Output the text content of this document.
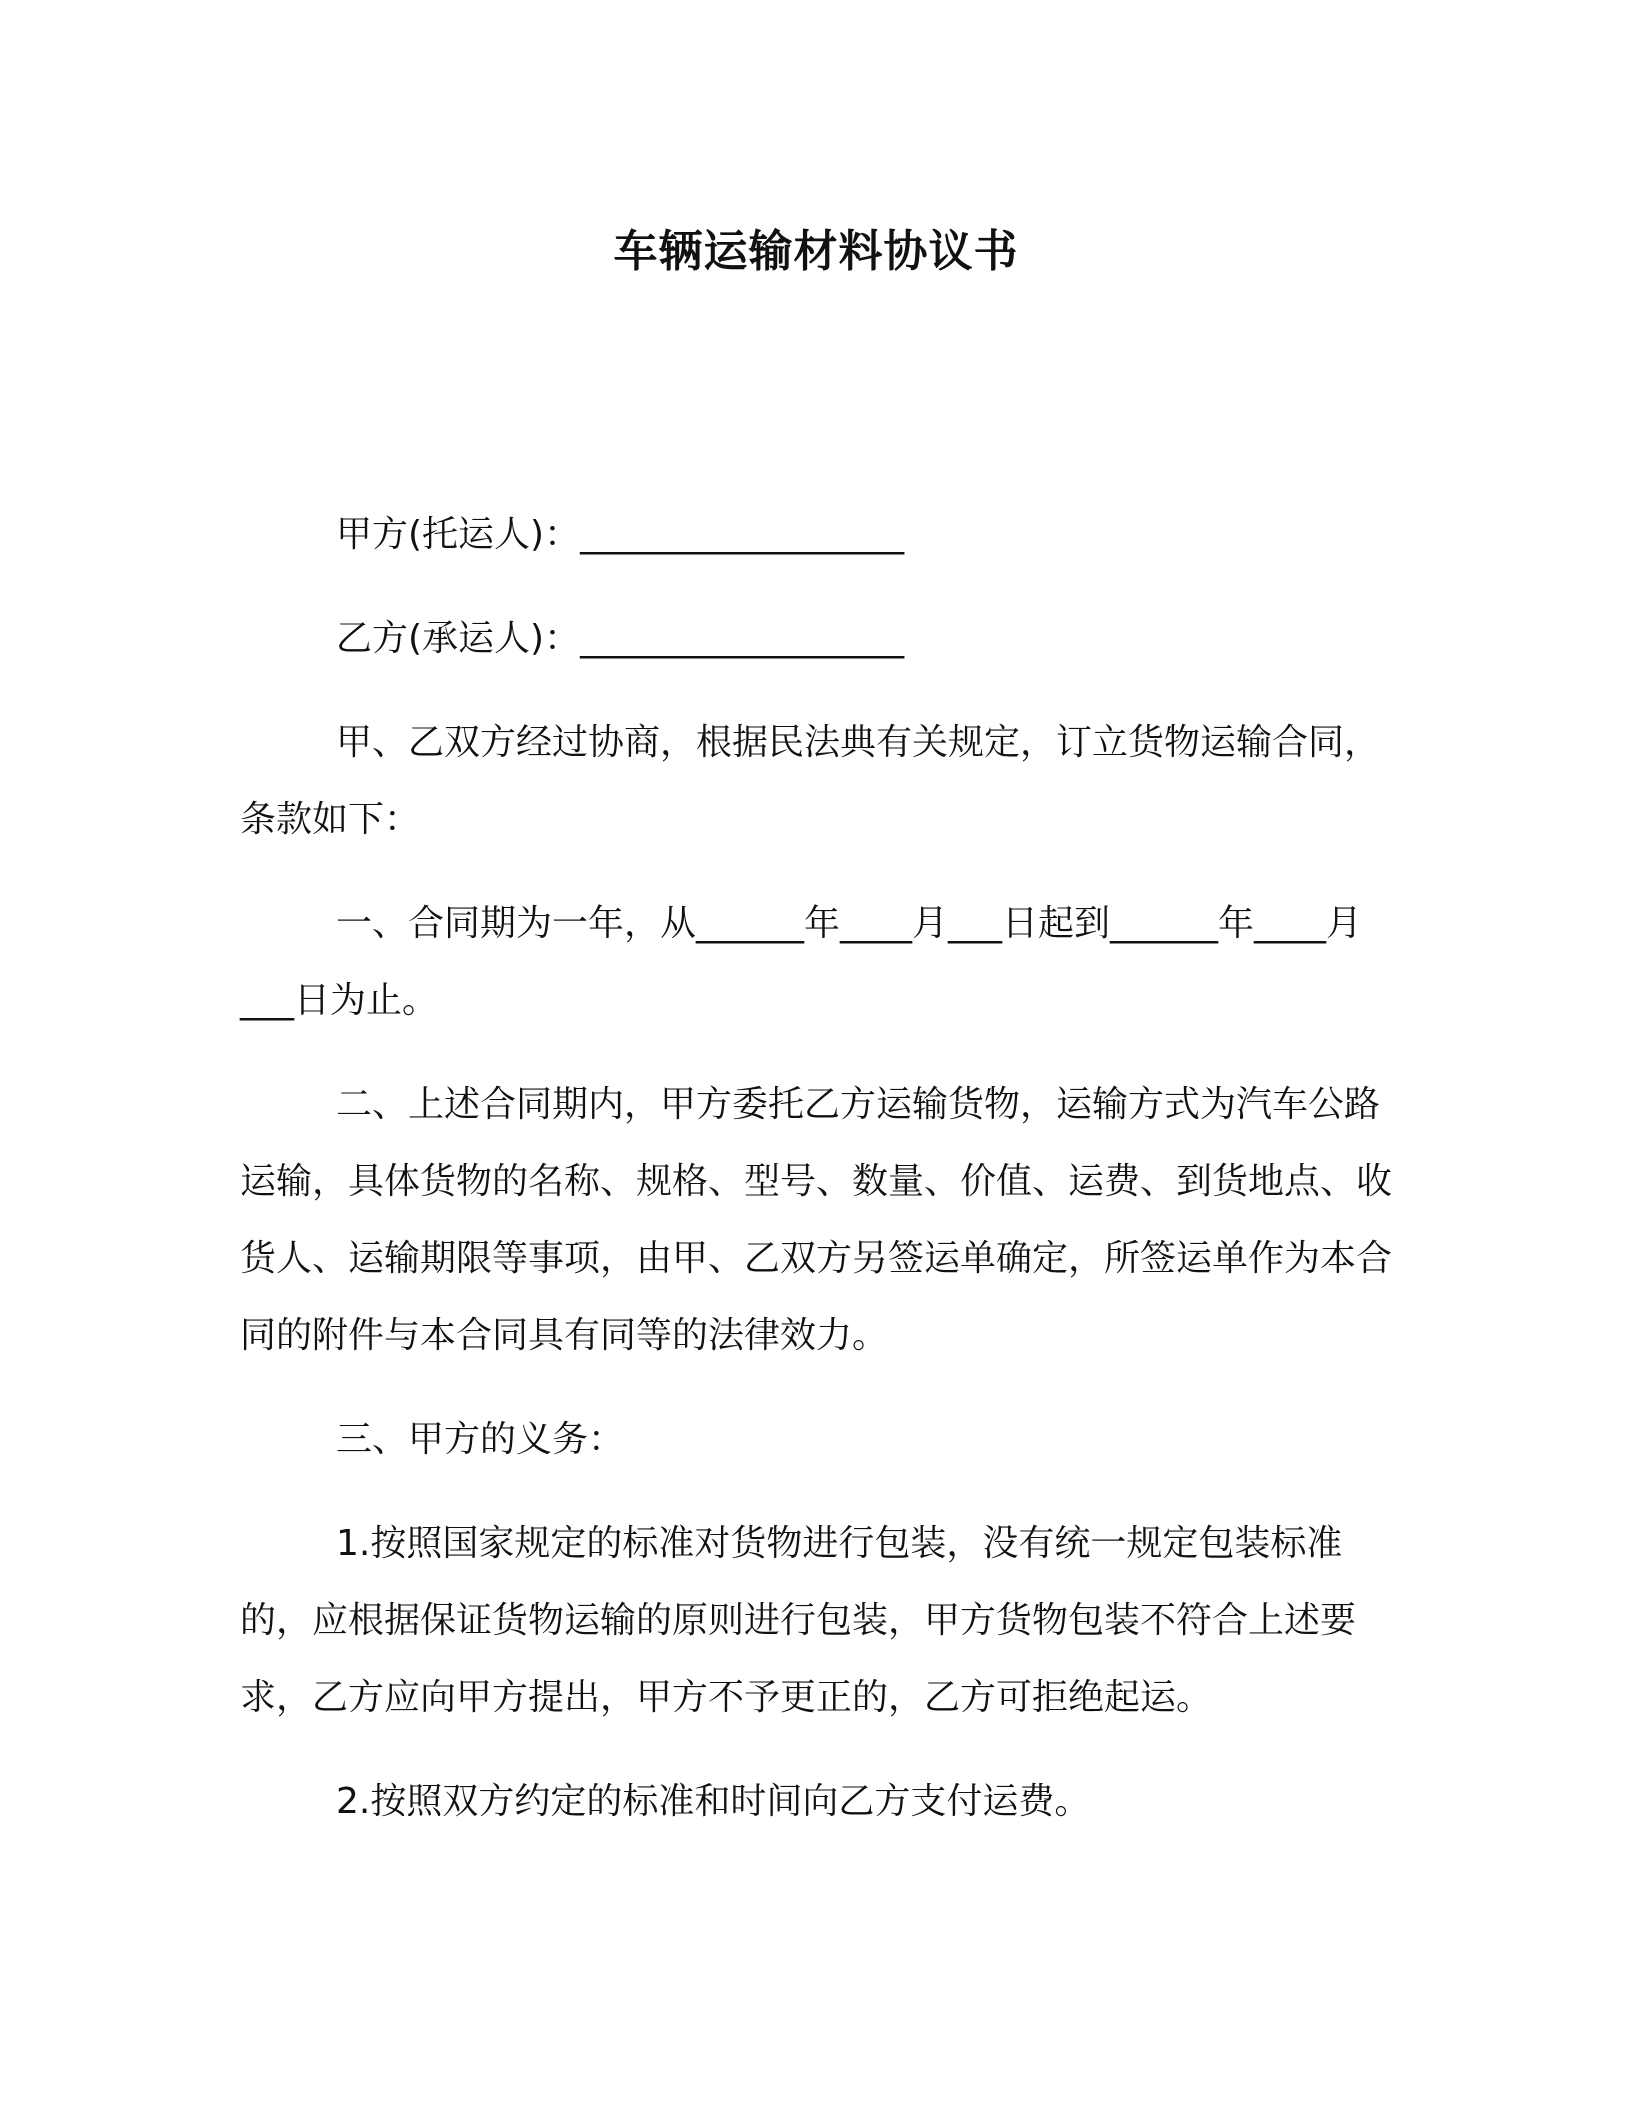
车辆运输材料协议书

甲方(托运人)：__________________

乙方(承运人)：__________________

甲、乙双方经过协商，根据民法典有关规定，订立货物运输合同，条款如下：

一、合同期为一年，从______年____月___日起到______年____月___日为止。

二、上述合同期内，甲方委托乙方运输货物，运输方式为汽车公路运输，具体货物的名称、规格、型号、数量、价值、运费、到货地点、收货人、运输期限等事项，由甲、乙双方另签运单确定，所签运单作为本合同的附件与本合同具有同等的法律效力。

三、甲方的义务：

1.按照国家规定的标准对货物进行包装，没有统一规定包装标准的，应根据保证货物运输的原则进行包装，甲方货物包装不符合上述要求，乙方应向甲方提出，甲方不予更正的，乙方可拒绝起运。

2.按照双方约定的标准和时间向乙方支付运费。
